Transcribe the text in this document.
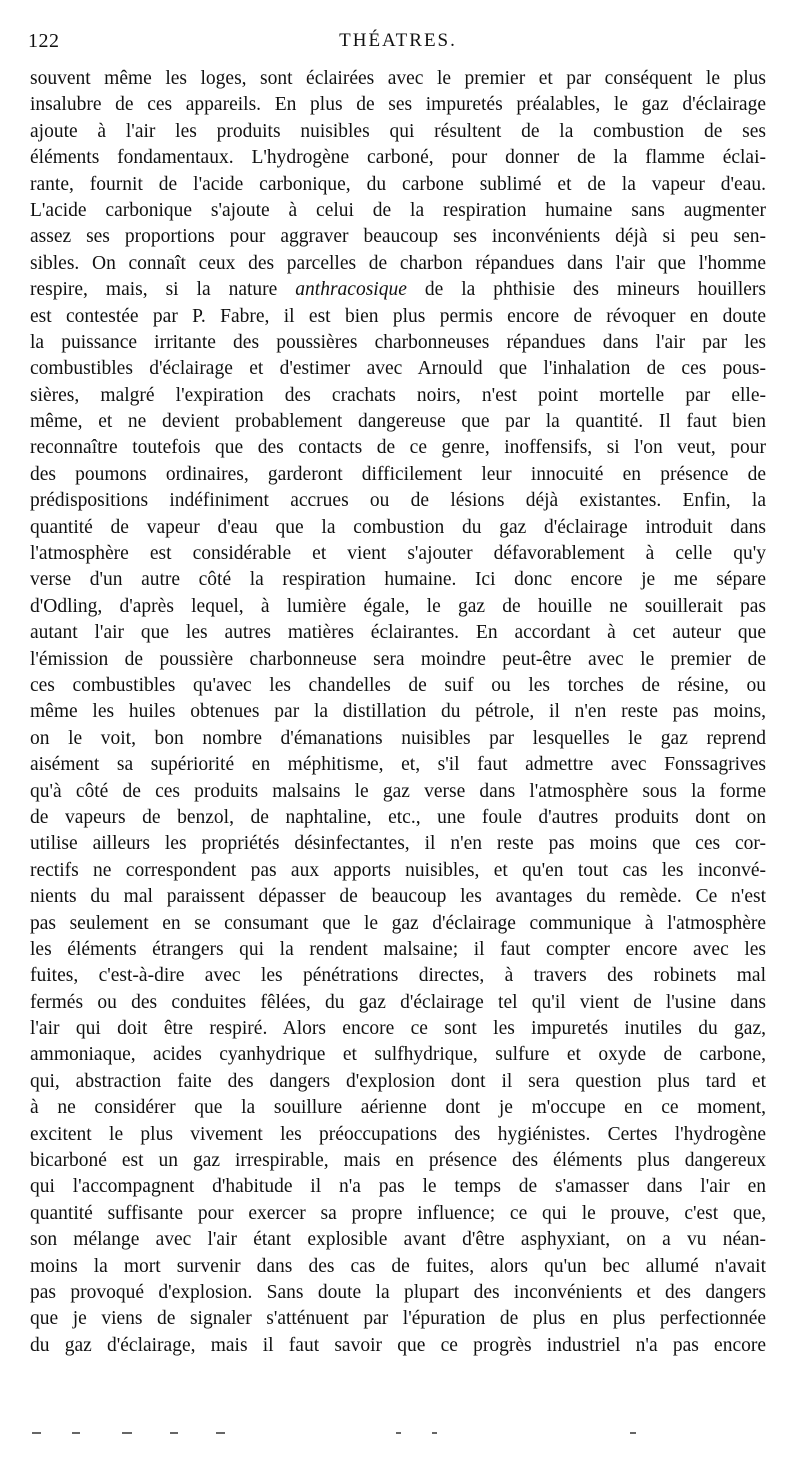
122	THÉATRES.
souvent même les loges, sont éclairées avec le premier et par conséquent le plus
insalubre de ces appareils. En plus de ses impuretés préalables, le gaz d'éclairage
ajoute à l'air les produits nuisibles qui résultent de la combustion de ses
éléments fondamentaux. L'hydrogène carboné, pour donner de la flamme éclai-
rante, fournit de l'acide carbonique, du carbone sublimé et de la vapeur d'eau.
L'acide carbonique s'ajoute à celui de la respiration humaine sans augmenter
assez ses proportions pour aggraver beaucoup ses inconvénients déjà si peu sen-
sibles. On connaît ceux des parcelles de charbon répandues dans l'air que l'homme
respire, mais, si la nature anthracosique de la phthisie des mineurs houillers
est contestée par P. Fabre, il est bien plus permis encore de révoquer en doute
la puissance irritante des poussières charbonneuses répandues dans l'air par les
combustibles d'éclairage et d'estimer avec Arnould que l'inhalation de ces pous-
sières, malgré l'expiration des crachats noirs, n'est point mortelle par elle-
même, et ne devient probablement dangereuse que par la quantité. Il faut bien
reconnaître toutefois que des contacts de ce genre, inoffensifs, si l'on veut, pour
des poumons ordinaires, garderont difficilement leur innocuité en présence de
prédispositions indéfiniment accrues ou de lésions déjà existantes. Enfin, la
quantité de vapeur d'eau que la combustion du gaz d'éclairage introduit dans
l'atmosphère est considérable et vient s'ajouter défavorablement à celle qu'y
verse d'un autre côté la respiration humaine. Ici donc encore je me sépare
d'Odling, d'après lequel, à lumière égale, le gaz de houille ne souillerait pas
autant l'air que les autres matières éclairantes. En accordant à cet auteur que
l'émission de poussière charbonneuse sera moindre peut-être avec le premier de
ces combustibles qu'avec les chandelles de suif ou les torches de résine, ou
même les huiles obtenues par la distillation du pétrole, il n'en reste pas moins,
on le voit, bon nombre d'émanations nuisibles par lesquelles le gaz reprend
aisément sa supériorité en méphitisme, et, s'il faut admettre avec Fonssagrives
qu'à côté de ces produits malsains le gaz verse dans l'atmosphère sous la forme
de vapeurs de benzol, de naphtaline, etc., une foule d'autres produits dont on
utilise ailleurs les propriétés désinfectantes, il n'en reste pas moins que ces cor-
rectifs ne correspondent pas aux apports nuisibles, et qu'en tout cas les inconvé-
nients du mal paraissent dépasser de beaucoup les avantages du remède. Ce n'est
pas seulement en se consumant que le gaz d'éclairage communique à l'atmosphère
les éléments étrangers qui la rendent malsaine; il faut compter encore avec les
fuites, c'est-à-dire avec les pénétrations directes, à travers des robinets mal
fermés ou des conduites fêlées, du gaz d'éclairage tel qu'il vient de l'usine dans
l'air qui doit être respiré. Alors encore ce sont les impuretés inutiles du gaz,
ammoniaque, acides cyanhydrique et sulfhydrique, sulfure et oxyde de carbone,
qui, abstraction faite des dangers d'explosion dont il sera question plus tard et
à ne considérer que la souillure aérienne dont je m'occupe en ce moment,
excitent le plus vivement les préoccupations des hygiénistes. Certes l'hydrogène
bicarboné est un gaz irrespirable, mais en présence des éléments plus dangereux
qui l'accompagnent d'habitude il n'a pas le temps de s'amasser dans l'air en
quantité suffisante pour exercer sa propre influence; ce qui le prouve, c'est que,
son mélange avec l'air étant explosible avant d'être asphyxiant, on a vu néan-
moins la mort survenir dans des cas de fuites, alors qu'un bec allumé n'avait
pas provoqué d'explosion. Sans doute la plupart des inconvénients et des dangers
que je viens de signaler s'atténuent par l'épuration de plus en plus perfectionnée
du gaz d'éclairage, mais il faut savoir que ce progrès industriel n'a pas encore
